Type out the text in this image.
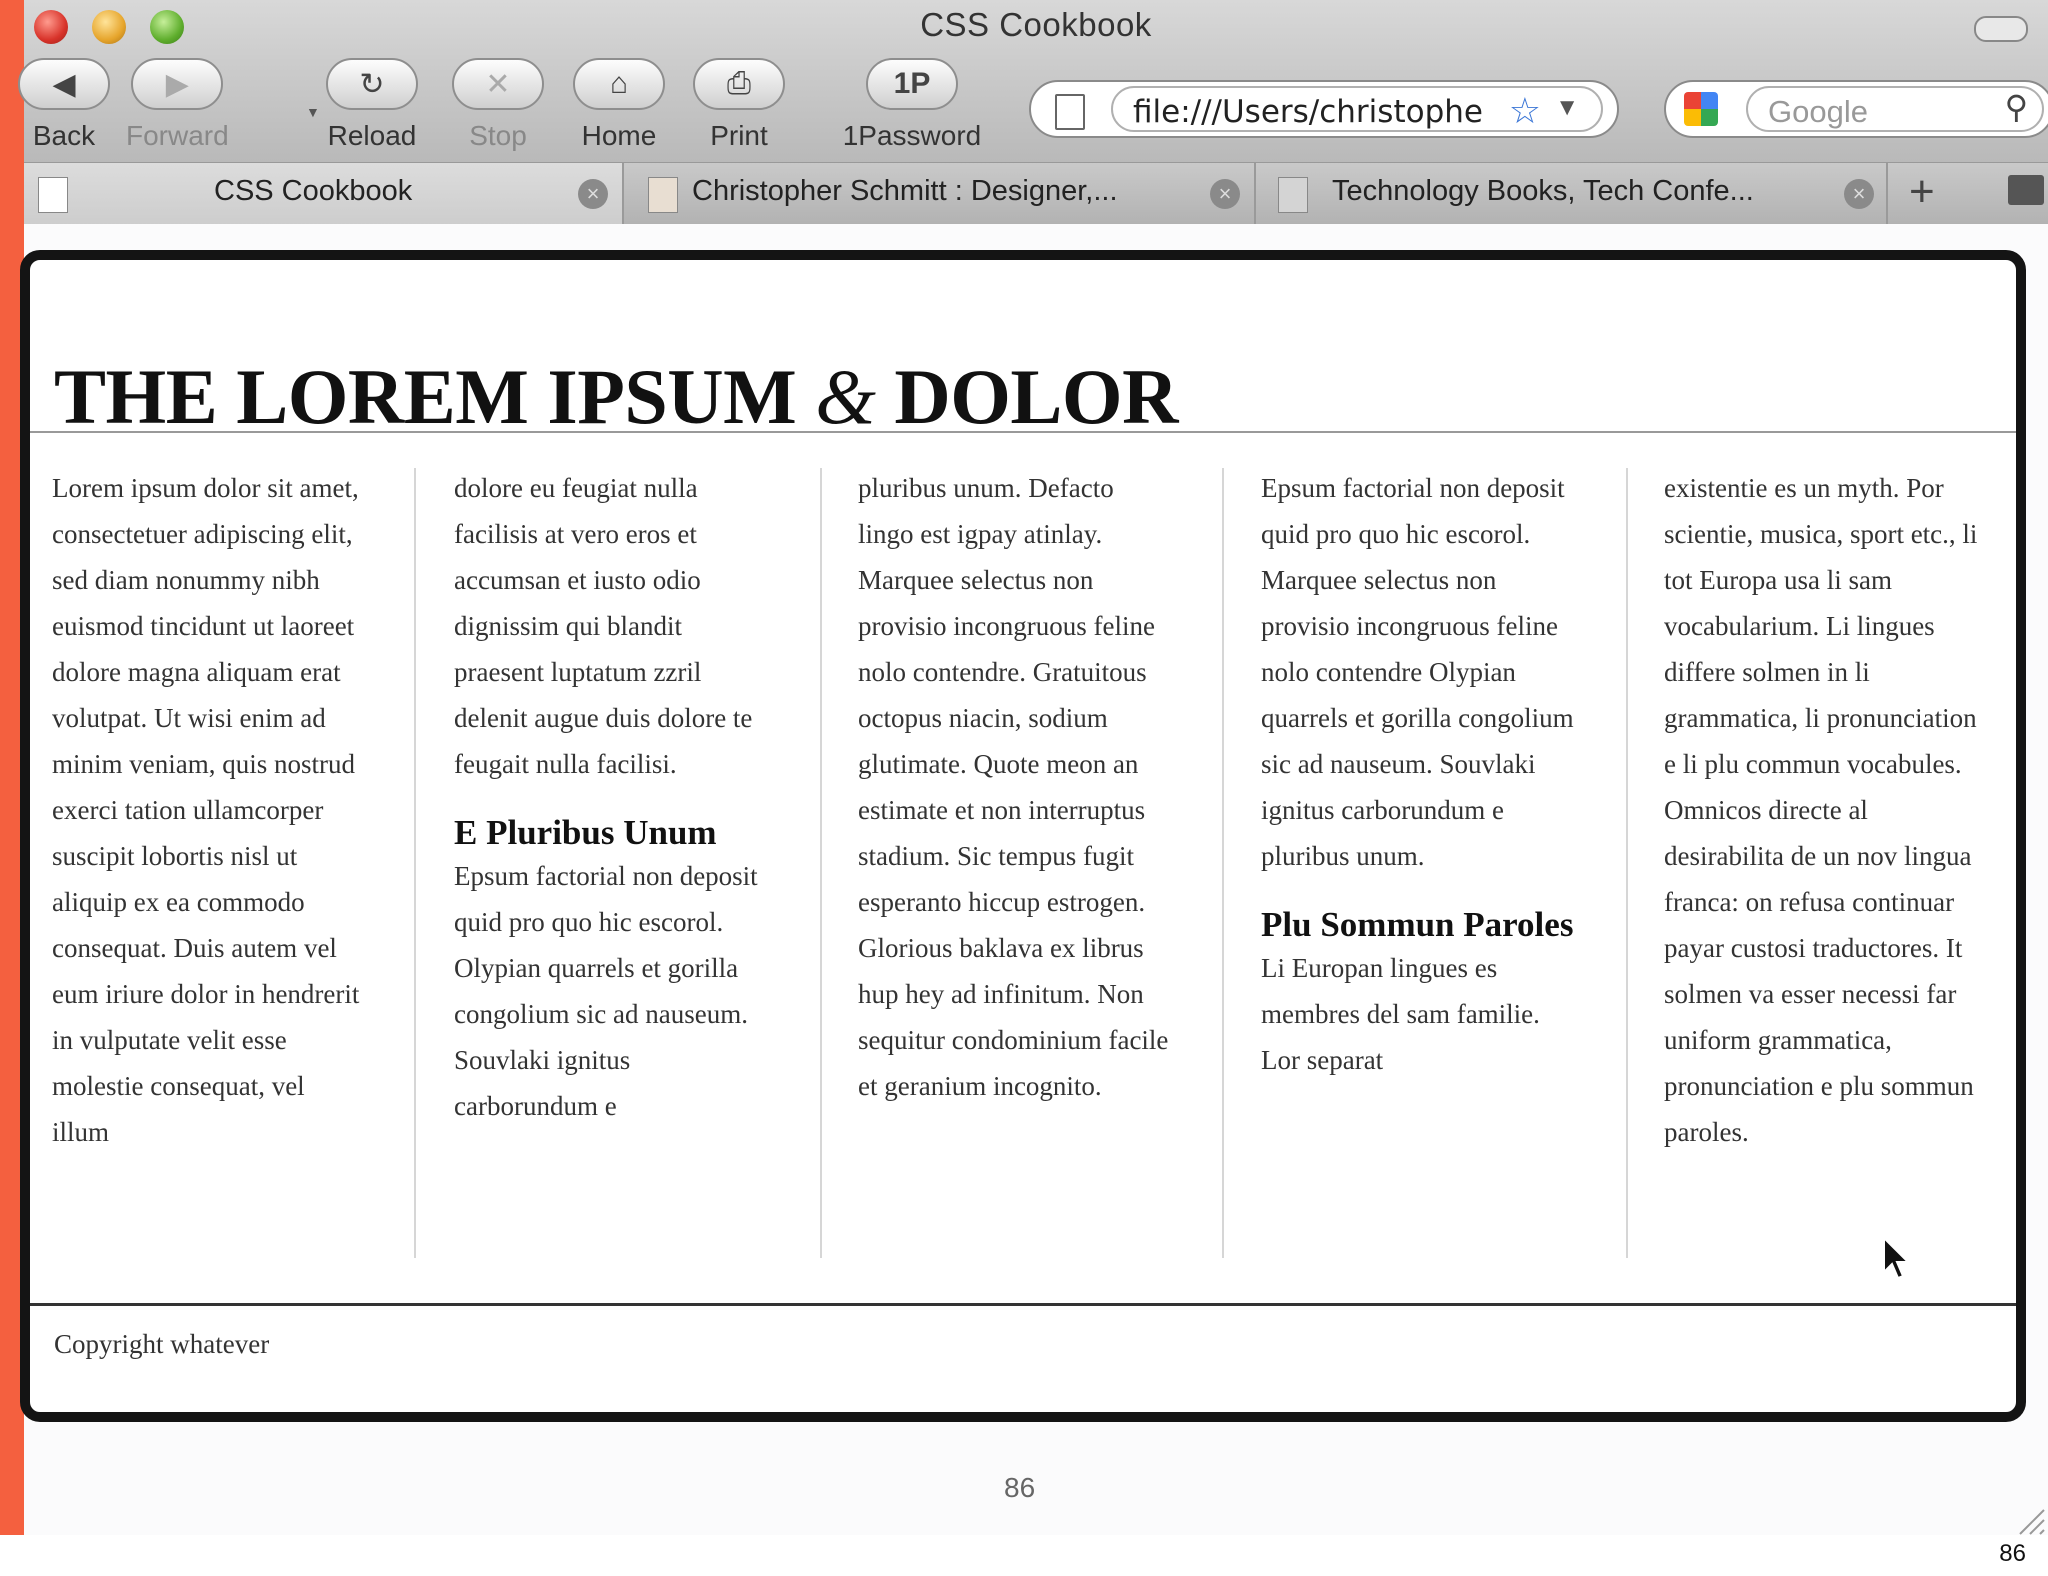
CSS Cookbook
◀
Back
▶
Forward
▼
↻
Reload
✕
Stop
⌂
Home
⎙
Print
1P
1Password
file:///Users/christophe ☆ ▼	Google	⚲
CSS Cookbook	×	Christopher Schmitt : Designer,...	×	Technology Books, Tech Confe...	× +
THE LOREM IPSUM & DOLOR
Lorem ipsum dolor sit amet, consectetuer adipiscing elit, sed diam nonummy nibh euismod tincidunt ut laoreet dolore magna aliquam erat volutpat. Ut wisi enim ad minim veniam, quis nostrud exerci tation ullamcorper suscipit lobortis nisl ut aliquip ex ea commodo consequat. Duis autem vel eum iriure dolor in hendrerit in vulputate velit esse molestie consequat, vel illum
dolore eu feugiat nulla facilisis at vero eros et accumsan et iusto odio dignissim qui blandit praesent luptatum zzril delenit augue duis dolore te feugait nulla facilisi.
E Pluribus Unum
Epsum factorial non deposit quid pro quo hic escorol. Olypian quarrels et gorilla congolium sic ad nauseum. Souvlaki ignitus carborundum e
pluribus unum. Defacto lingo est igpay atinlay. Marquee selectus non provisio incongruous feline nolo contendre. Gratuitous octopus niacin, sodium glutimate. Quote meon an estimate et non interruptus stadium. Sic tempus fugit esperanto hiccup estrogen. Glorious baklava ex librus hup hey ad infinitum. Non sequitur condominium facile et geranium incognito.
Epsum factorial non deposit quid pro quo hic escorol. Marquee selectus non provisio incongruous feline nolo contendre Olypian quarrels et gorilla congolium sic ad nauseum. Souvlaki ignitus carborundum e pluribus unum.
Plu Sommun Paroles
Li Europan lingues es membres del sam familie. Lor separat
existentie es un myth. Por scientie, musica, sport etc., li tot Europa usa li sam vocabularium. Li lingues differe solmen in li grammatica, li pronunciation e li plu commun vocabules. Omnicos directe al desirabilita de un nov lingua franca: on refusa continuar payar custosi traductores. It solmen va esser necessi far uniform grammatica, pronunciation e plu sommun paroles.
Copyright whatever
86
86
